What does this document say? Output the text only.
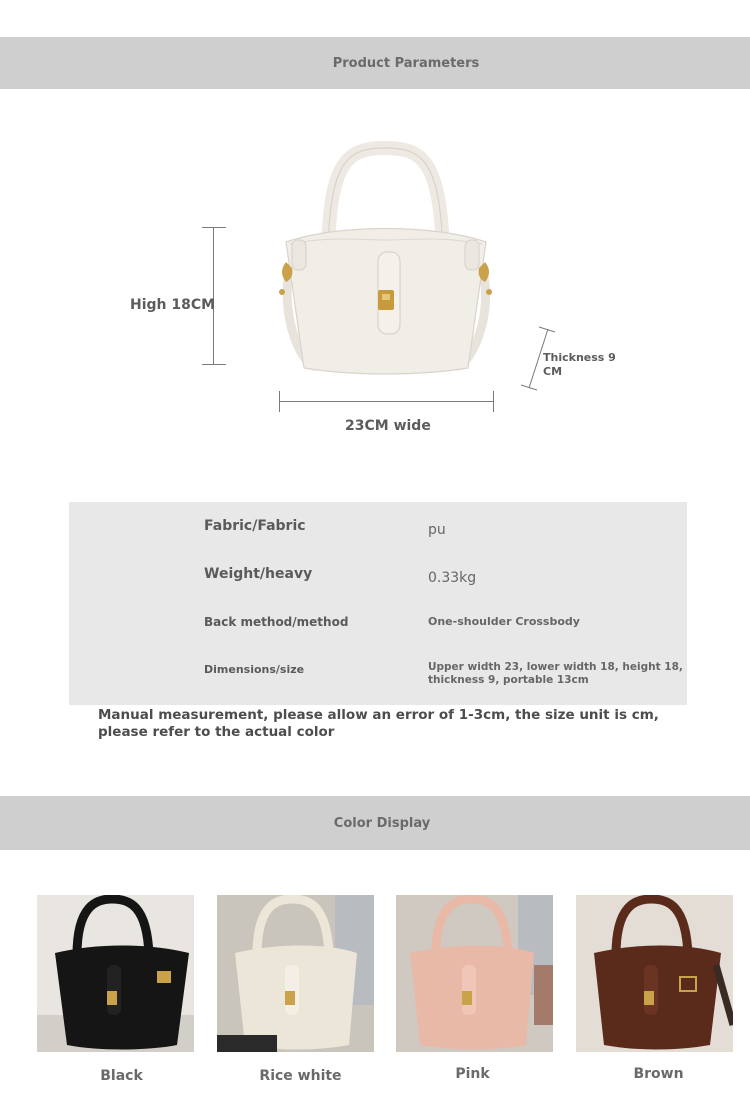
Product Parameters
High 18CM
23CM wide
Thickness 9
CM
Fabric/Fabric	pu
Weight/heavy	0.33kg
Back method/method	One-shoulder Crossbody
Dimensions/size	Upper width 23, lower width 18, height 18,
thickness 9, portable 13cm
Manual measurement, please allow an error of 1-3cm, the size unit is cm, please refer to the actual color
Color Display
Black	Rice white	Pink	Brown
